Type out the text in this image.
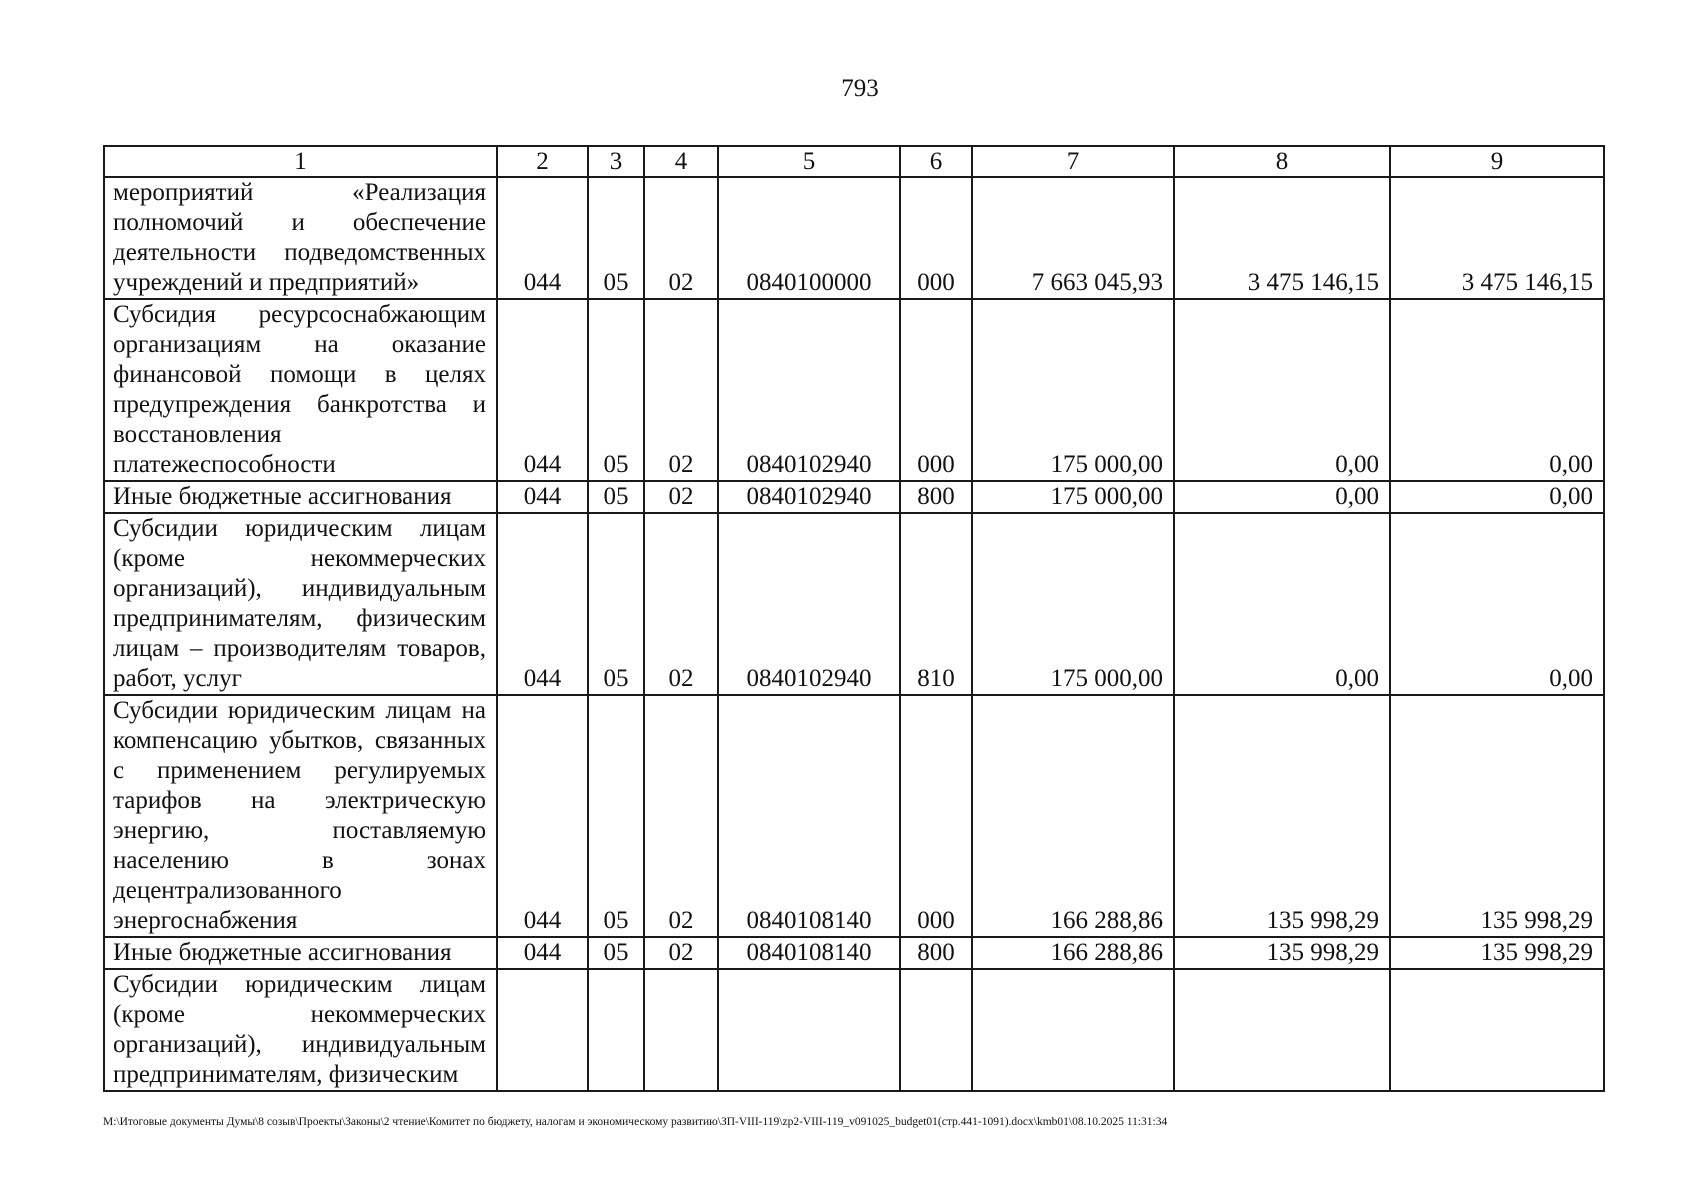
793
1	2	3	4	5	6	7	8	9
мероприятий «Реализация полномочий и обеспечение деятельности подведомственных учреждений и предприятий»	044	05	02	0840100000	000	7 663 045,93	3 475 146,15	3 475 146,15
Субсидия ресурсоснабжающим организациям на оказание финансовой помощи в целях предупреждения банкротства и восстановления платежеспособности	044	05	02	0840102940	000	175 000,00	0,00	0,00
Иные бюджетные ассигнования	044	05	02	0840102940	800	175 000,00	0,00	0,00
Субсидии юридическим лицам (кроме некоммерческих организаций), индивидуальным предпринимателям, физическим лицам – производителям товаров, работ, услуг	044	05	02	0840102940	810	175 000,00	0,00	0,00
Субсидии юридическим лицам на компенсацию убытков, связанных с применением регулируемых тарифов на электрическую энергию, поставляемую населению в зонах децентрализованного энергоснабжения	044	05	02	0840108140	000	166 288,86	135 998,29	135 998,29
Иные бюджетные ассигнования	044	05	02	0840108140	800	166 288,86	135 998,29	135 998,29
Субсидии юридическим лицам (кроме некоммерческих организаций), индивидуальным предпринимателям, физическим								
M:\Итоговые документы Думы\8 созыв\Проекты\Законы\2 чтение\Комитет по бюджету, налогам и экономическому развитию\ЗП-VIII-119\zp2-VIII-119_v091025_budget01(стр.441-1091).docx\kmb01\08.10.2025 11:31:34
